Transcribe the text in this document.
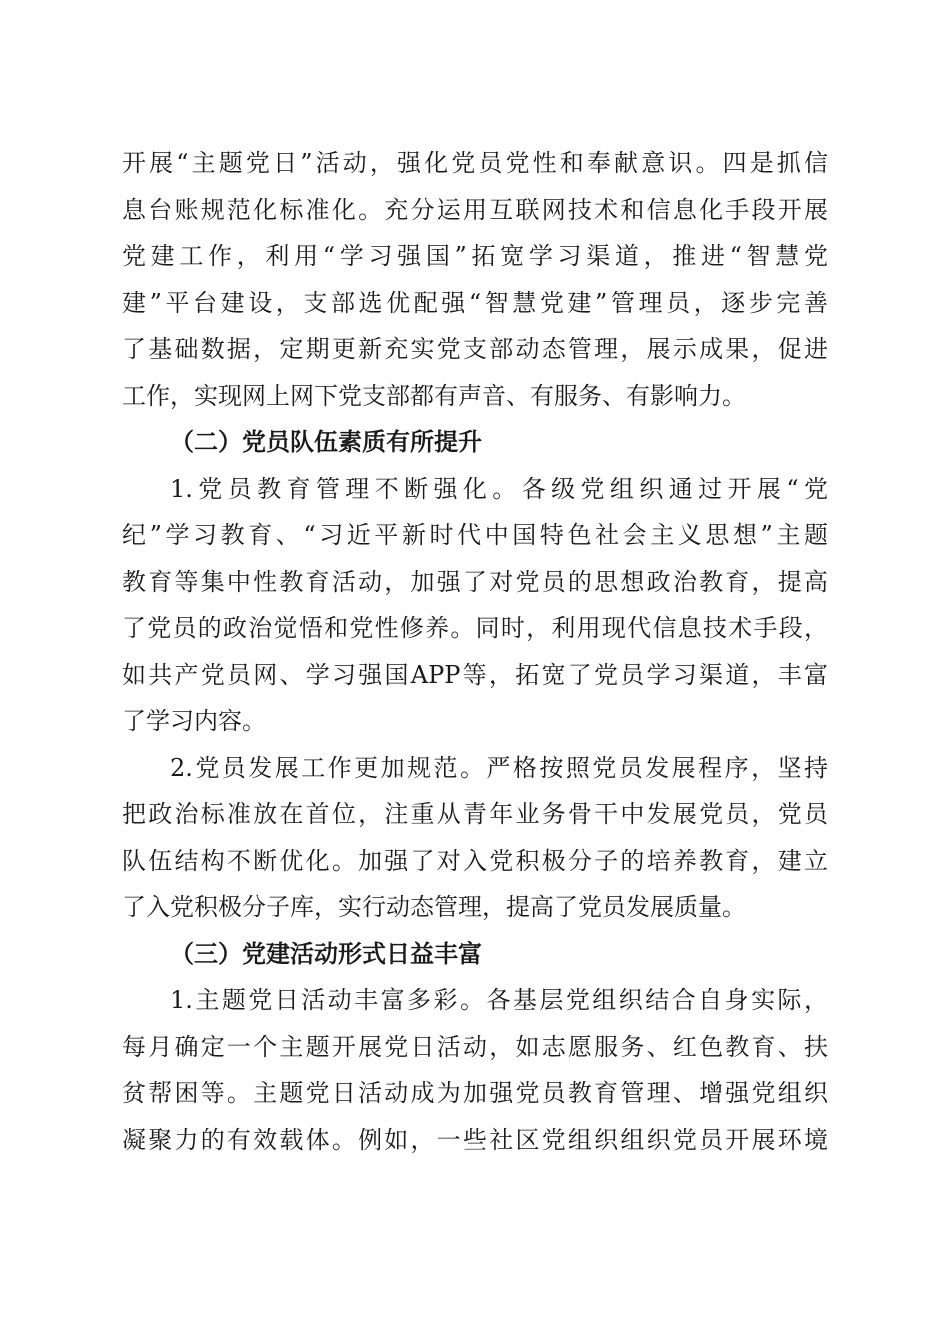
开展“主题党日”活动，强化党员党性和奉献意识。四是抓信
息台账规范化标准化。充分运用互联网技术和信息化手段开展
党建工作，利用“学习强国”拓宽学习渠道，推进“智慧党
建”平台建设，支部选优配强“智慧党建”管理员，逐步完善
了基础数据，定期更新充实党支部动态管理，展示成果，促进
工作，实现网上网下党支部都有声音、有服务、有影响力。
（二）党员队伍素质有所提升
1.党员教育管理不断强化。各级党组织通过开展“党
纪”学习教育、“习近平新时代中国特色社会主义思想”主题
教育等集中性教育活动，加强了对党员的思想政治教育，提高
了党员的政治觉悟和党性修养。同时，利用现代信息技术手段，
如共产党员网、学习强国APP等，拓宽了党员学习渠道，丰富
了学习内容。
2.党员发展工作更加规范。严格按照党员发展程序，坚持
把政治标准放在首位，注重从青年业务骨干中发展党员，党员
队伍结构不断优化。加强了对入党积极分子的培养教育，建立
了入党积极分子库，实行动态管理，提高了党员发展质量。
（三）党建活动形式日益丰富
1.主题党日活动丰富多彩。各基层党组织结合自身实际，
每月确定一个主题开展党日活动，如志愿服务、红色教育、扶
贫帮困等。主题党日活动成为加强党员教育管理、增强党组织
凝聚力的有效载体。例如，一些社区党组织组织党员开展环境
